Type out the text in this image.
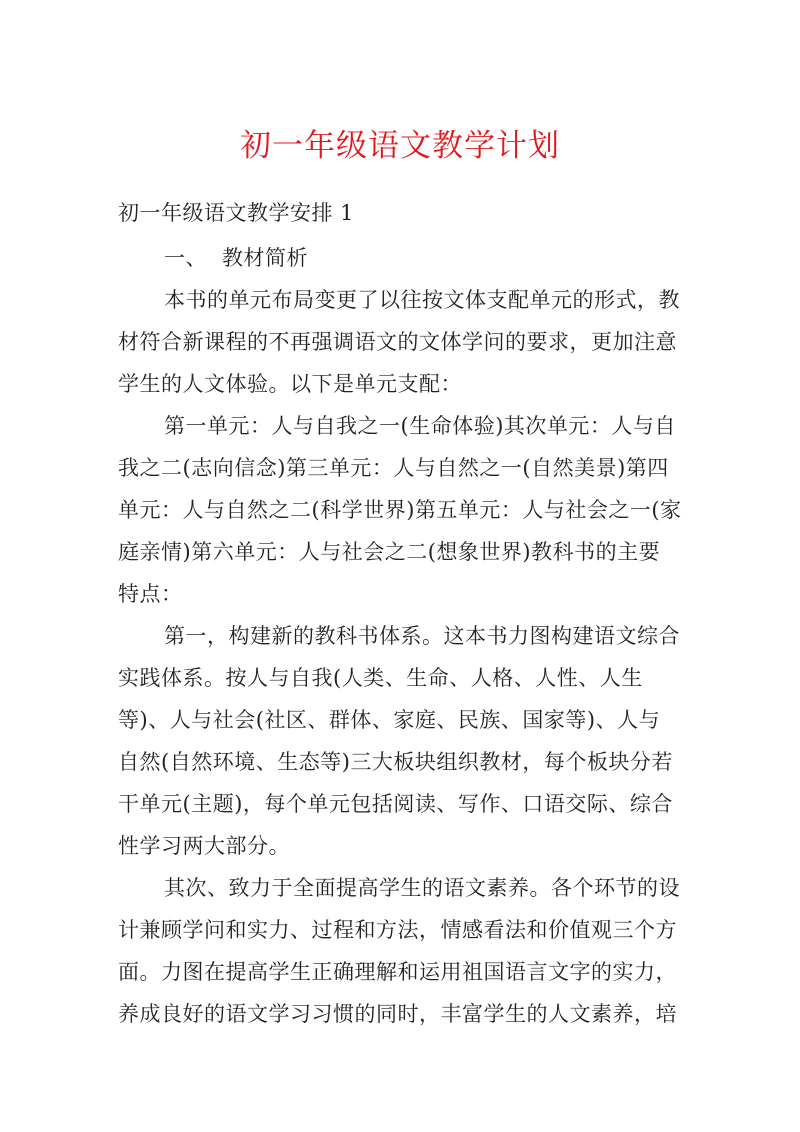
初一年级语文教学计划
初一年级语文教学安排 1
一、 教材简析
本书的单元布局变更了以往按文体支配单元的形式，教
材符合新课程的不再强调语文的文体学问的要求，更加注意
学生的人文体验。以下是单元支配：
第一单元：人与自我之一(生命体验)其次单元：人与自
我之二(志向信念)第三单元：人与自然之一(自然美景)第四
单元：人与自然之二(科学世界)第五单元：人与社会之一(家
庭亲情)第六单元：人与社会之二(想象世界)教科书的主要
特点：
第一，构建新的教科书体系。这本书力图构建语文综合
实践体系。按人与自我(人类、生命、人格、人性、人生
等)、人与社会(社区、群体、家庭、民族、国家等)、人与
自然(自然环境、生态等)三大板块组织教材，每个板块分若
干单元(主题)，每个单元包括阅读、写作、口语交际、综合
性学习两大部分。
其次、致力于全面提高学生的语文素养。各个环节的设
计兼顾学问和实力、过程和方法，情感看法和价值观三个方
面。力图在提高学生正确理解和运用祖国语言文字的实力，
养成良好的语文学习习惯的同时，丰富学生的人文素养，培
